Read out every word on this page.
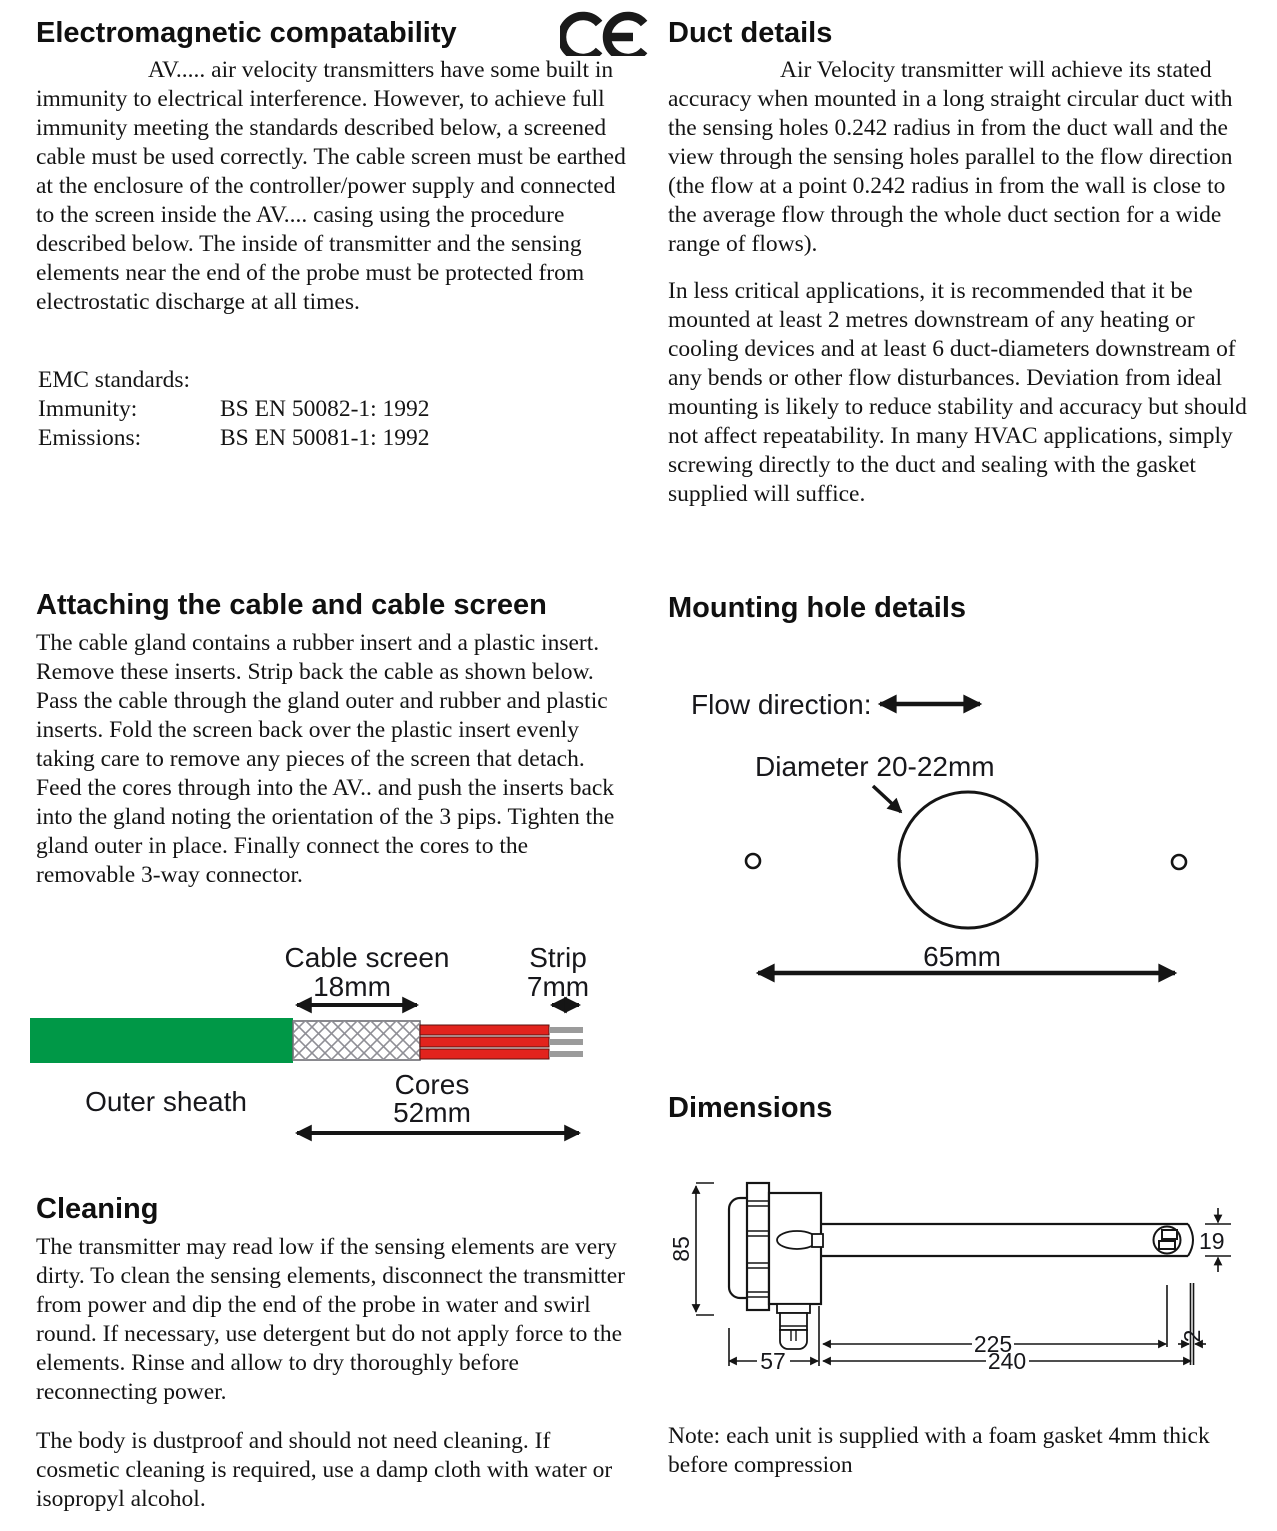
Electromagnetic compatability
AV..... air velocity transmitters have some built in immunity to electrical interference. However, to achieve full immunity meeting the standards described below, a screened cable must be used correctly. The cable screen must be earthed at the enclosure of the controller/power supply and connected to the screen inside the AV.... casing using the procedure described below. The inside of transmitter and the sensing elements near the end of the probe must be protected from electrostatic discharge at all times.
EMC standards:
Immunity:	BS EN 50082-1: 1992
Emissions:	BS EN 50081-1: 1992
Attaching the cable and cable screen
The cable gland contains a rubber insert and a plastic insert. Remove these inserts. Strip back the cable as shown below. Pass the cable through the gland outer and rubber and plastic inserts. Fold the screen back over the plastic insert evenly taking care to remove any pieces of the screen that detach. Feed the cores through into the AV.. and push the inserts back into the gland noting the orientation of the 3 pips. Tighten the gland outer in place. Finally connect the cores to the removable 3-way connector.
Cable screen
18mm
Strip
7mm
Cores
52mm
Outer sheath
Cleaning
The transmitter may read low if the sensing elements are very dirty. To clean the sensing elements, disconnect the transmitter from power and dip the end of the probe in water and swirl round. If necessary, use detergent but do not apply force to the elements. Rinse and allow to dry thoroughly before reconnecting power.
The body is dustproof and should not need cleaning. If cosmetic cleaning is required, use a damp cloth with water or isopropyl alcohol.
Duct details
Air Velocity transmitter will achieve its stated accuracy when mounted in a long straight circular duct with the sensing holes 0.242 radius in from the duct wall and the view through the sensing holes parallel to the flow direction (the flow at a point 0.242 radius in from the wall is close to the average flow through the whole duct section for a wide range of flows).
In less critical applications, it is recommended that it be mounted at least 2 metres downstream of any heating or cooling devices and at least 6 duct-diameters downstream of any bends or other flow disturbances. Deviation from ideal mounting is likely to reduce stability and accuracy but should not affect repeatability. In many HVAC applications, simply screwing directly to the duct and sealing with the gasket supplied will suffice.
Mounting hole details
Flow direction:
Diameter 20-22mm
65mm
Dimensions
85
57
225
240
19
2
Note: each unit is supplied with a foam gasket 4mm thick before compression
